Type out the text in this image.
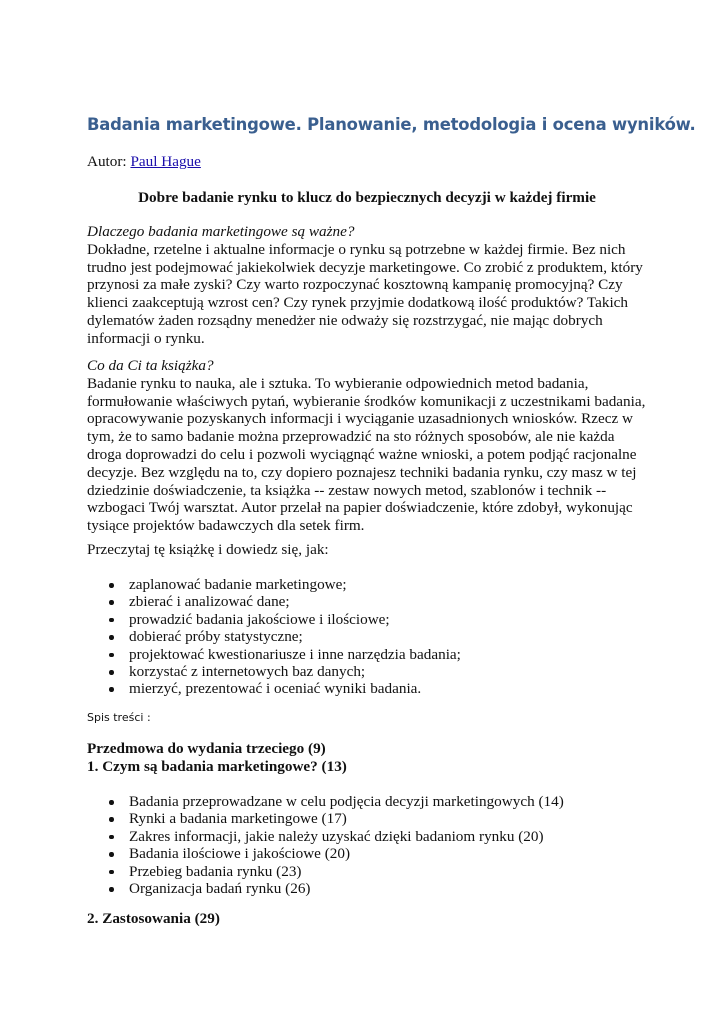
Badania marketingowe. Planowanie, metodologia i ocena wyników.
Autor: Paul Hague
Dobre badanie rynku to klucz do bezpiecznych decyzji w każdej firmie
Dlaczego badania marketingowe są ważne?
Dokładne, rzetelne i aktualne informacje o rynku są potrzebne w każdej firmie. Bez nich trudno jest podejmować jakiekolwiek decyzje marketingowe. Co zrobić z produktem, który przynosi za małe zyski? Czy warto rozpoczynać kosztowną kampanię promocyjną? Czy klienci zaakceptują wzrost cen? Czy rynek przyjmie dodatkową ilość produktów? Takich dylematów żaden rozsądny menedżer nie odważy się rozstrzygać, nie mając dobrych informacji o rynku.
Co da Ci ta książka?
Badanie rynku to nauka, ale i sztuka. To wybieranie odpowiednich metod badania, formułowanie właściwych pytań, wybieranie środków komunikacji z uczestnikami badania, opracowywanie pozyskanych informacji i wyciąganie uzasadnionych wniosków. Rzecz w tym, że to samo badanie można przeprowadzić na sto różnych sposobów, ale nie każda droga doprowadzi do celu i pozwoli wyciągnąć ważne wnioski, a potem podjąć racjonalne decyzje. Bez względu na to, czy dopiero poznajesz techniki badania rynku, czy masz w tej dziedzinie doświadczenie, ta książka -- zestaw nowych metod, szablonów i technik -- wzbogaci Twój warsztat. Autor przelał na papier doświadczenie, które zdobył, wykonując tysiące projektów badawczych dla setek firm.
Przeczytaj tę książkę i dowiedz się, jak:
zaplanować badanie marketingowe;
zbierać i analizować dane;
prowadzić badania jakościowe i ilościowe;
dobierać próby statystyczne;
projektować kwestionariusze i inne narzędzia badania;
korzystać z internetowych baz danych;
mierzyć, prezentować i oceniać wyniki badania.
Spis treści :
Przedmowa do wydania trzeciego (9)
1. Czym są badania marketingowe? (13)
Badania przeprowadzane w celu podjęcia decyzji marketingowych (14)
Rynki a badania marketingowe (17)
Zakres informacji, jakie należy uzyskać dzięki badaniom rynku (20)
Badania ilościowe i jakościowe (20)
Przebieg badania rynku (23)
Organizacja badań rynku (26)
2. Zastosowania (29)
